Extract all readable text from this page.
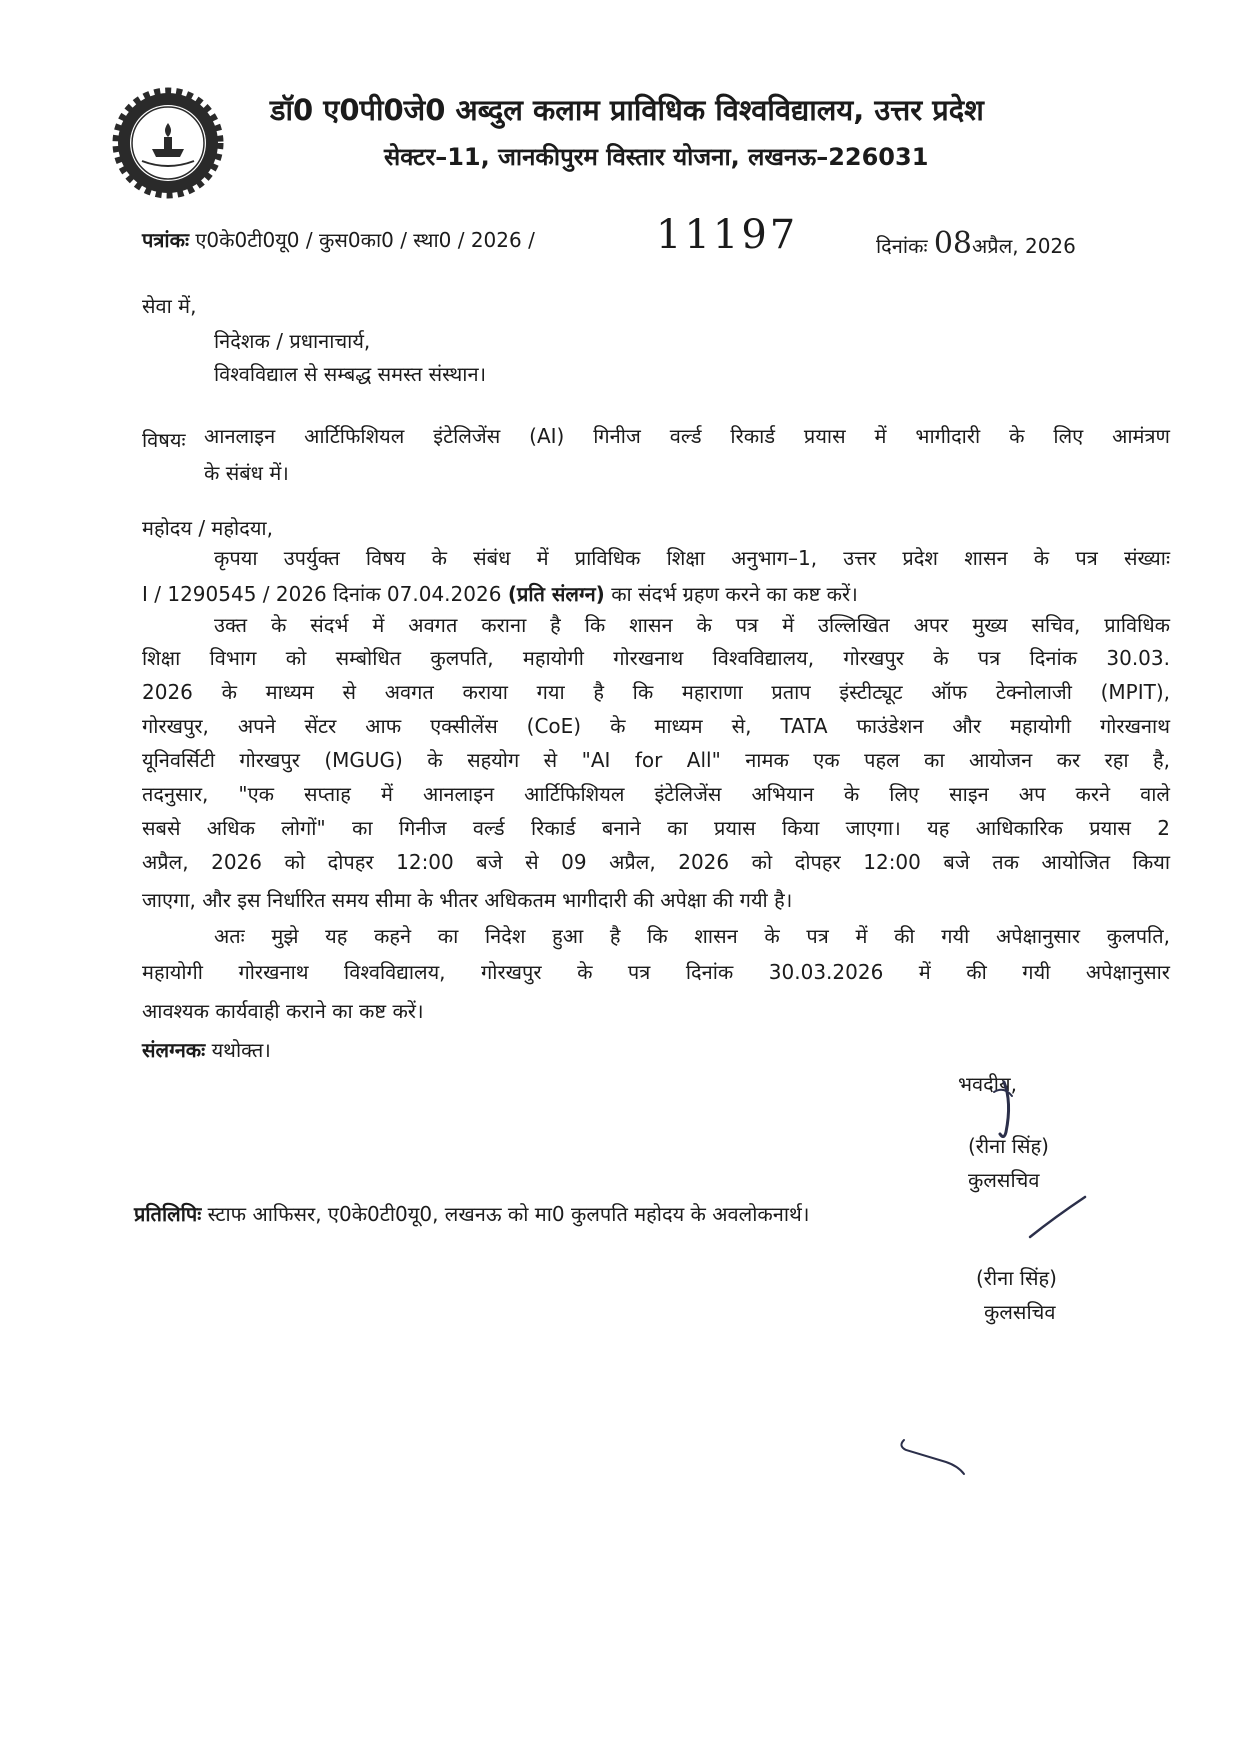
डॉ0 ए0पी0जे0 अब्दुल कलाम प्राविधिक विश्वविद्यालय, उत्तर प्रदेश
सेक्टर–11, जानकीपुरम विस्तार योजना, लखनऊ–226031
पत्रांकः ए0के0टी0यू0 / कुस0का0 / स्था0 / 2026 /	11197	दिनांकः 08अप्रैल, 2026
सेवा में,
निदेशक / प्रधानाचार्य,
विश्वविद्याल से सम्बद्ध समस्त संस्थान।
विषयः आनलाइन आर्टिफिशियल इंटेलिजेंस (AI) गिनीज वर्ल्ड रिकार्ड प्रयास में भागीदारी के लिए आमंत्रण
के संबंध में।
महोदय / महोदया,
कृपया उपर्युक्त विषय के संबंध में प्राविधिक शिक्षा अनुभाग–1, उत्तर प्रदेश शासन के पत्र संख्याः
I / 1290545 / 2026 दिनांक 07.04.2026 (प्रति संलग्न) का संदर्भ ग्रहण करने का कष्ट करें।
उक्त के संदर्भ में अवगत कराना है कि शासन के पत्र में उल्लिखित अपर मुख्य सचिव, प्राविधिक
शिक्षा विभाग को सम्बोधित कुलपति, महायोगी गोरखनाथ विश्वविद्यालय, गोरखपुर के पत्र दिनांक 30.03.
2026 के माध्यम से अवगत कराया गया है कि महाराणा प्रताप इंस्टीट्यूट ऑफ टेक्नोलाजी (MPIT),
गोरखपुर, अपने सेंटर आफ एक्सीलेंस (CoE) के माध्यम से, TATA फाउंडेशन और महायोगी गोरखनाथ
यूनिवर्सिटी गोरखपुर (MGUG) के सहयोग से "AI for All" नामक एक पहल का आयोजन कर रहा है,
तदनुसार, "एक सप्ताह में आनलाइन आर्टिफिशियल इंटेलिजेंस अभियान के लिए साइन अप करने वाले
सबसे अधिक लोगों" का गिनीज वर्ल्ड रिकार्ड बनाने का प्रयास किया जाएगा। यह आधिकारिक प्रयास 2
अप्रैल, 2026 को दोपहर 12:00 बजे से 09 अप्रैल, 2026 को दोपहर 12:00 बजे तक आयोजित किया
जाएगा, और इस निर्धारित समय सीमा के भीतर अधिकतम भागीदारी की अपेक्षा की गयी है।
अतः मुझे यह कहने का निदेश हुआ है कि शासन के पत्र में की गयी अपेक्षानुसार कुलपति,
महायोगी गोरखनाथ विश्वविद्यालय, गोरखपुर के पत्र दिनांक 30.03.2026 में की गयी अपेक्षानुसार
आवश्यक कार्यवाही कराने का कष्ट करें।
संलग्नकः यथोक्त।
भवदीय,
(रीना सिंह)
कुलसचिव
प्रतिलिपिः स्टाफ आफिसर, ए0के0टी0यू0, लखनऊ को मा0 कुलपति महोदय के अवलोकनार्थ।
(रीना सिंह)
कुलसचिव
